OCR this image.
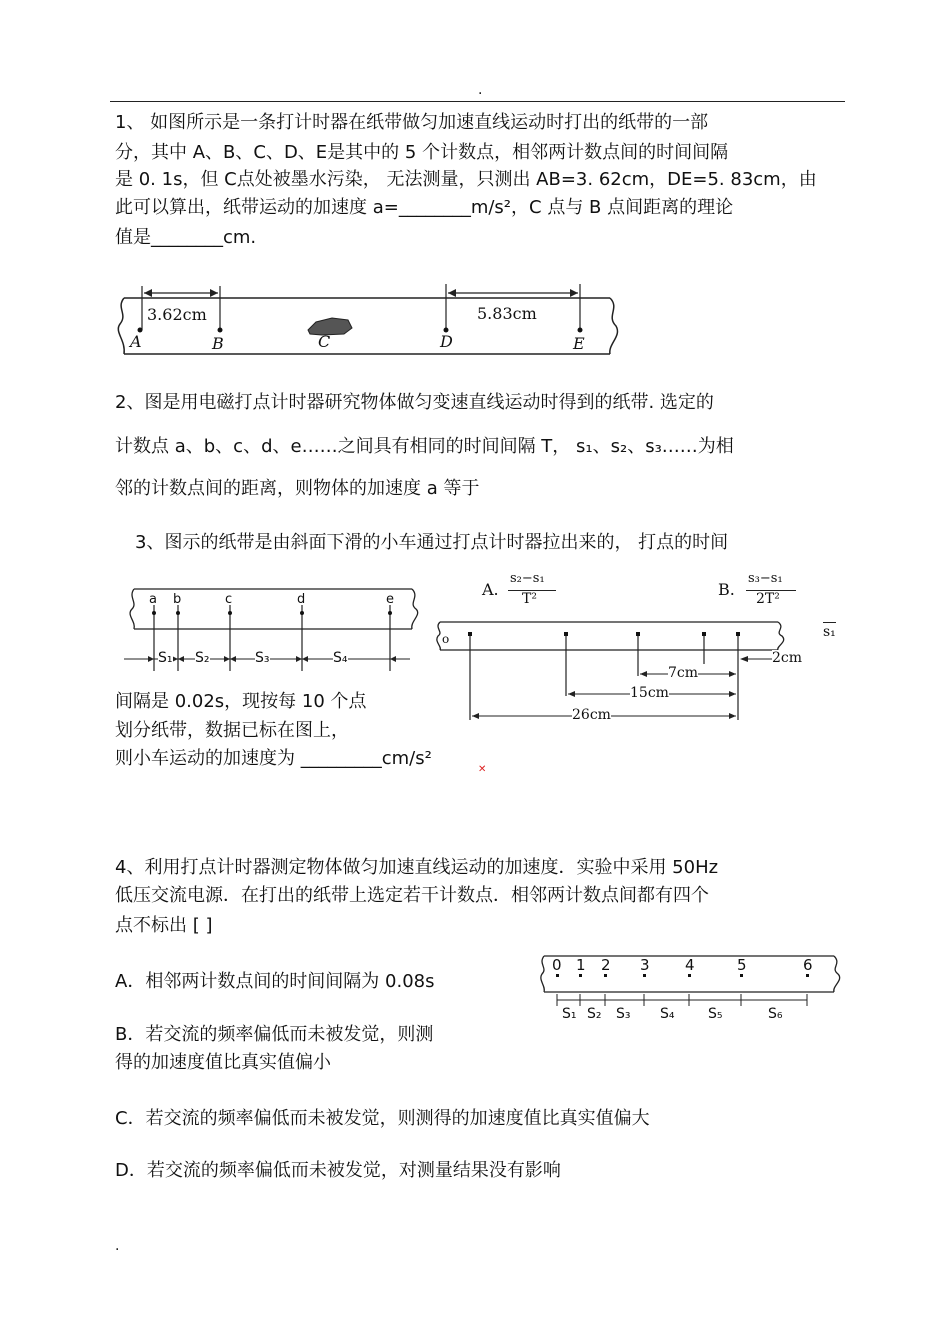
.
1、 如图所示是一条打计时器在纸带做匀加速直线运动时打出的纸带的一部
分，其中 A、B、C、D、E是其中的 5 个计数点，相邻两计数点间的时间间隔
是 0. 1s，但 C点处被墨水污染， 无法测量，只测出 AB=3. 62cm，DE=5. 83cm，由
此可以算出，纸带运动的加速度 a=________m/s²，C 点与 B 点间距离的理论
值是________cm.
3.62cm	5.83cm
A	B	C	D	E
2、图是用电磁打点计时器研究物体做匀变速直线运动时得到的纸带. 选定的
计数点 a、b、c、d、e……之间具有相同的时间间隔 T， s₁、s₂、s₃……为相
邻的计数点间的距离，则物体的加速度 a 等于
3、图示的纸带是由斜面下滑的小车通过打点计时器拉出来的， 打点的时间
A.
s₂−s₁
T²	B.
s₃−s₁
2T²
s₁
a b	c	d	e
S₁ S₂	S₃	S₄
o
2cm
7cm
15cm
26cm
间隔是 0.02s，现按每 10 个点
划分纸带，数据已标在图上，
则小车运动的加速度为 _________cm/s²
✕
4、利用打点计时器测定物体做匀加速直线运动的加速度．实验中采用 50Hz
低压交流电源．在打出的纸带上选定若干计数点．相邻两计数点间都有四个
点不标出 [ ]
0 1 2 3 4	5	6
S₁ S₂ S₃ S₄ S₅	S₆
A．相邻两计数点间的时间间隔为 0.08s
B．若交流的频率偏低而未被发觉，则测
得的加速度值比真实值偏小
C．若交流的频率偏低而未被发觉，则测得的加速度值比真实值偏大
D．若交流的频率偏低而未被发觉，对测量结果没有影响
.
